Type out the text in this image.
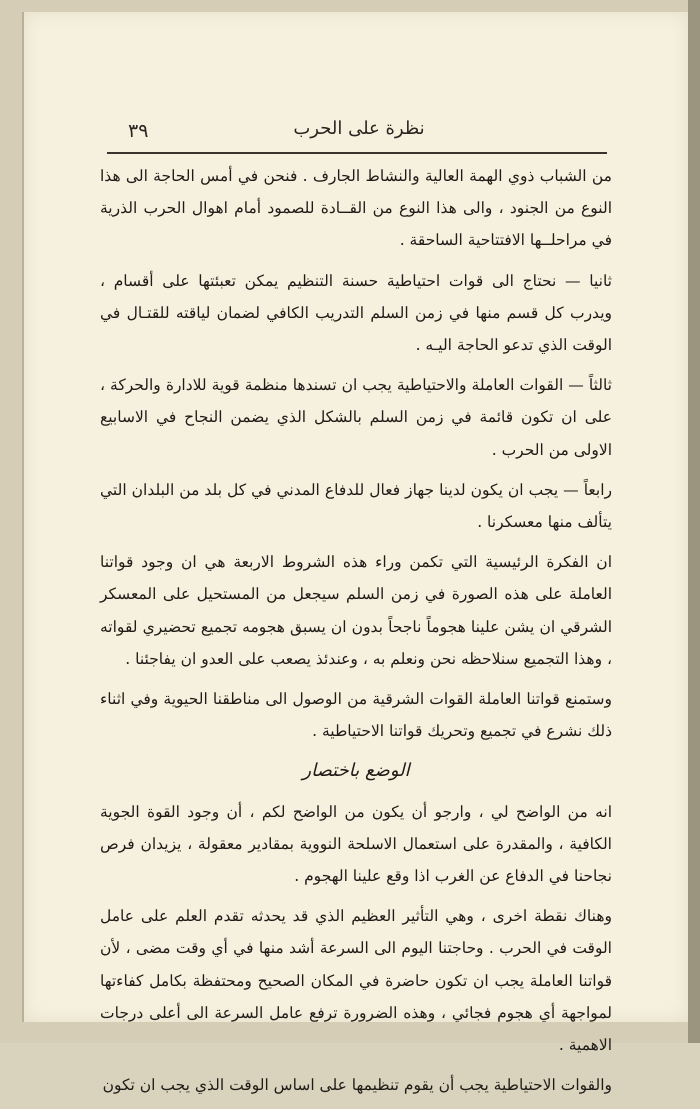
٣٩	نظرة على الحرب

من الشباب ذوي الهمة العالية والنشاط الجارف . فنحن في أمس الحاجة الى هذا النوع من الجنود ، والى هذا النوع من القــادة للصمود أمام اهوال الحرب الذرية في مراحلــها الافتتاحية الساحقة .

ثانيا — نحتاج الى قوات احتياطية حسنة التنظيم يمكن تعبئتها على أقسام ، ويدرب كل قسم منها في زمن السلم التدريب الكافي لضمان لياقته للقتـال في الوقت الذي تدعو الحاجة اليـه .

ثالثاً — القوات العاملة والاحتياطية يجب ان تسندها منظمة قوية للادارة والحركة ، على ان تكون قائمة في زمن السلم بالشكل الذي يضمن النجاح في الاسابيع الاولى من الحرب .

رابعاً — يجب ان يكون لدينا جهاز فعال للدفاع المدني في كل بلد من البلدان التي يتألف منها معسكرنا .

ان الفكرة الرئيسية التي تكمن وراء هذه الشروط الاربعة هي ان وجود قواتنا العاملة على هذه الصورة في زمن السلم سيجعل من المستحيل على المعسكر الشرقي ان يشن علينا هجوماً ناجحاً بدون ان يسبق هجومه تجميع تحضيري لقواته ، وهذا التجميع سنلاحظه نحن ونعلم به ، وعندئذ يصعب على العدو ان يفاجئنا .

وستمنع قواتنا العاملة القوات الشرقية من الوصول الى مناطقنا الحيوية وفي اثناء ذلك نشرع في تجميع وتحريك قواتنا الاحتياطية .

الوضع باختصار

انه من الواضح لي ، وارجو أن يكون من الواضح لكم ، أن وجود القوة الجوية الكافية ، والمقدرة على استعمال الاسلحة النووية بمقادير معقولة ، يزيدان فرص نجاحنا في الدفاع عن الغرب اذا وقع علينا الهجوم .

وهناك نقطة اخرى ، وهي التأثير العظيم الذي قد يحدثه تقدم العلم على عامل الوقت في الحرب . وحاجتنا اليوم الى السرعة أشد منها في أي وقت مضى ، لأن قواتنا العاملة يجب ان تكون حاضرة في المكان الصحيح ومحتفظة بكامل كفاءتها لمواجهة أي هجوم فجائي ، وهذه الضرورة ترفع عامل السرعة الى أعلى درجات الاهمية .

والقوات الاحتياطية يجب أن يقوم تنظيمها على اساس الوقت الذي يجب ان تكون
